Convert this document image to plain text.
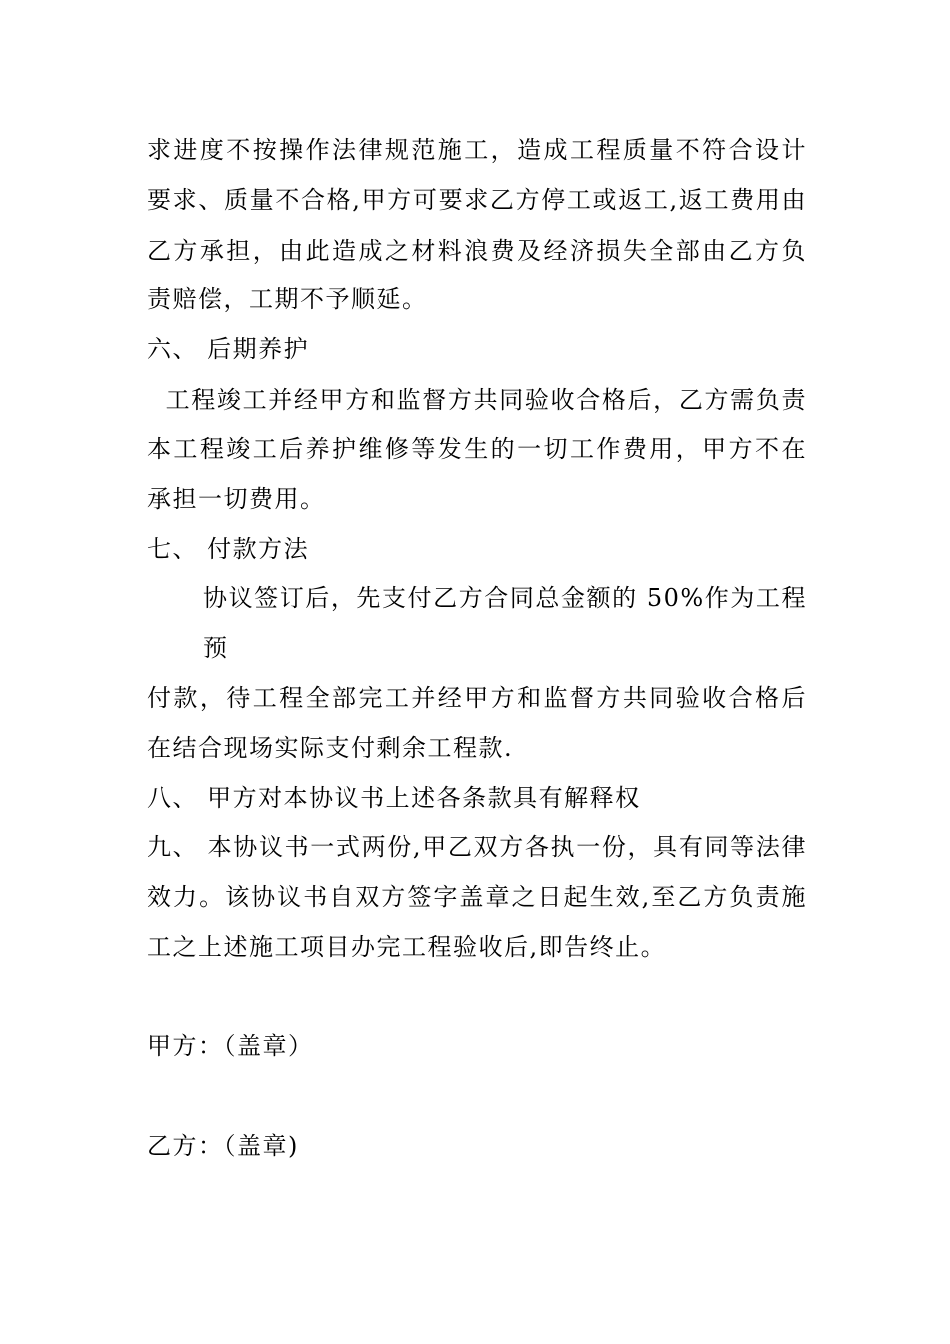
求进度不按操作法律规范施工，造成工程质量不符合设计
要求、质量不合格,甲方可要求乙方停工或返工,返工费用由
乙方承担，由此造成之材料浪费及经济损失全部由乙方负
责赔偿，工期不予顺延。
六、 后期养护
工程竣工并经甲方和监督方共同验收合格后，乙方需负责
本工程竣工后养护维修等发生的一切工作费用，甲方不在
承担一切费用。
七、 付款方法
协议签订后，先支付乙方合同总金额的 50%作为工程
预
付款，待工程全部完工并经甲方和监督方共同验收合格后
在结合现场实际支付剩余工程款.
八、 甲方对本协议书上述各条款具有解释权
九、 本协议书一式两份,甲乙双方各执一份，具有同等法律
效力。该协议书自双方签字盖章之日起生效,至乙方负责施
工之上述施工项目办完工程验收后,即告终止。
甲方：（盖章）
乙方：（盖章)
